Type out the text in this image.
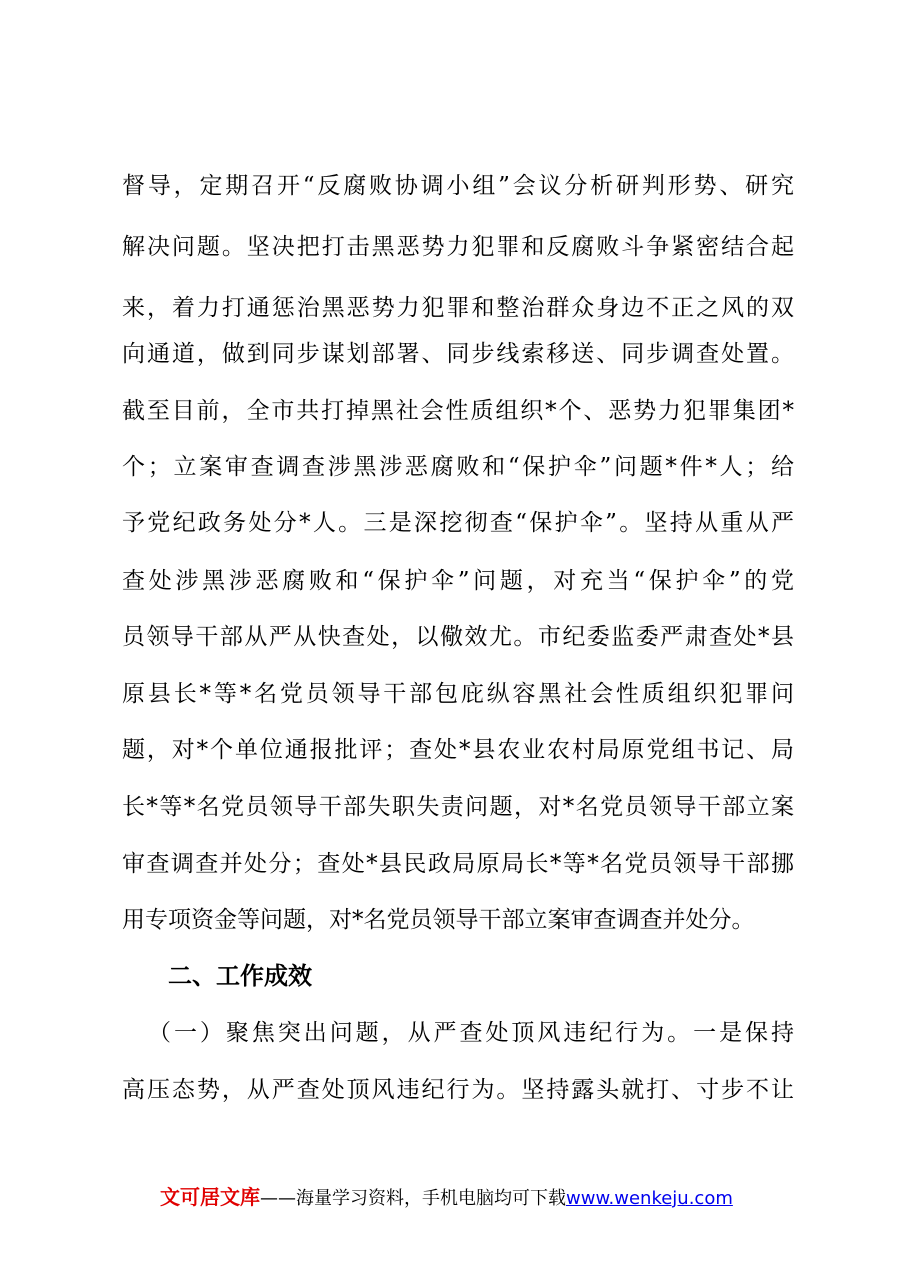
督导，定期召开“反腐败协调小组”会议分析研判形势、研究
解决问题。坚决把打击黑恶势力犯罪和反腐败斗争紧密结合起
来，着力打通惩治黑恶势力犯罪和整治群众身边不正之风的双
向通道，做到同步谋划部署、同步线索移送、同步调查处置。
截至目前，全市共打掉黑社会性质组织*个、恶势力犯罪集团*
个；立案审查调查涉黑涉恶腐败和“保护伞”问题*件*人；给
予党纪政务处分*人。三是深挖彻查“保护伞”。坚持从重从严
查处涉黑涉恶腐败和“保护伞”问题，对充当“保护伞”的党
员领导干部从严从快查处，以儆效尤。市纪委监委严肃查处*县
原县长*等*名党员领导干部包庇纵容黑社会性质组织犯罪问
题，对*个单位通报批评；查处*县农业农村局原党组书记、局
长*等*名党员领导干部失职失责问题，对*名党员领导干部立案
审查调查并处分；查处*县民政局原局长*等*名党员领导干部挪
用专项资金等问题，对*名党员领导干部立案审查调查并处分。
二、工作成效
（一）聚焦突出问题，从严查处顶风违纪行为。一是保持
高压态势，从严查处顶风违纪行为。坚持露头就打、寸步不让
文可居文库——海量学习资料，手机电脑均可下载www.wenkeju.com
